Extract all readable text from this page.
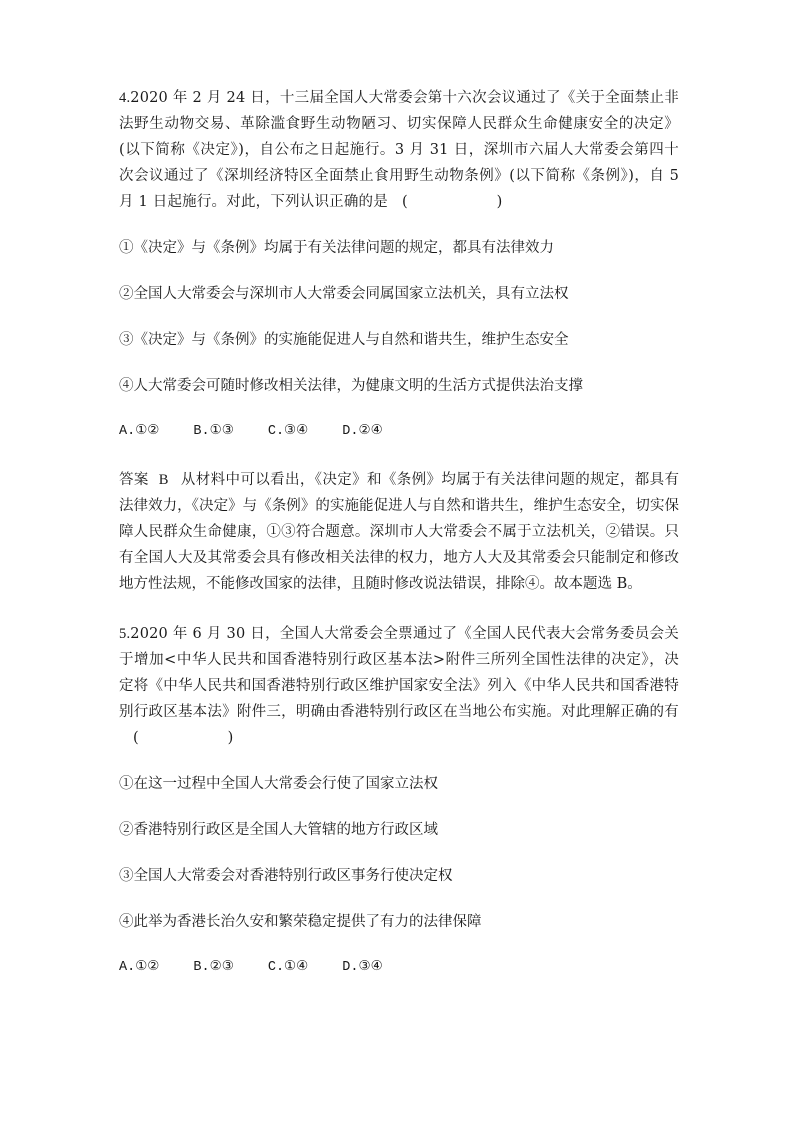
4.2020 年 2 月 24 日，十三届全国人大常委会第十六次会议通过了《关于全面禁止非法野生动物交易、革除滥食野生动物陋习、切实保障人民群众生命健康安全的决定》(以下简称《决定》)，自公布之日起施行。3 月 31 日，深圳市六届人大常委会第四十次会议通过了《深圳经济特区全面禁止食用野生动物条例》(以下简称《条例》)，自 5 月 1 日起施行。对此，下列认识正确的是 (　　)

①《决定》与《条例》均属于有关法律问题的规定，都具有法律效力

②全国人大常委会与深圳市人大常委会同属国家立法机关，具有立法权

③《决定》与《条例》的实施能促进人与自然和谐共生，维护生态安全

④人大常委会可随时修改相关法律，为健康文明的生活方式提供法治支撑

A.①②	B.①③	C.③④	D.②④

答案 B 从材料中可以看出，《决定》和《条例》均属于有关法律问题的规定，都具有法律效力，《决定》与《条例》的实施能促进人与自然和谐共生，维护生态安全，切实保障人民群众生命健康，①③符合题意。深圳市人大常委会不属于立法机关，②错误。只有全国人大及其常委会具有修改相关法律的权力，地方人大及其常委会只能制定和修改地方性法规，不能修改国家的法律，且随时修改说法错误，排除④。故本题选 B。

5.2020 年 6 月 30 日，全国人大常委会全票通过了《全国人民代表大会常务委员会关于增加<中华人民共和国香港特别行政区基本法>附件三所列全国性法律的决定》，决定将《中华人民共和国香港特别行政区维护国家安全法》列入《中华人民共和国香港特别行政区基本法》附件三，明确由香港特别行政区在当地公布实施。对此理解正确的有(　　)

①在这一过程中全国人大常委会行使了国家立法权

②香港特别行政区是全国人大管辖的地方行政区域

③全国人大常委会对香港特别行政区事务行使决定权

④此举为香港长治久安和繁荣稳定提供了有力的法律保障

A.①②	B.②③	C.①④	D.③④
